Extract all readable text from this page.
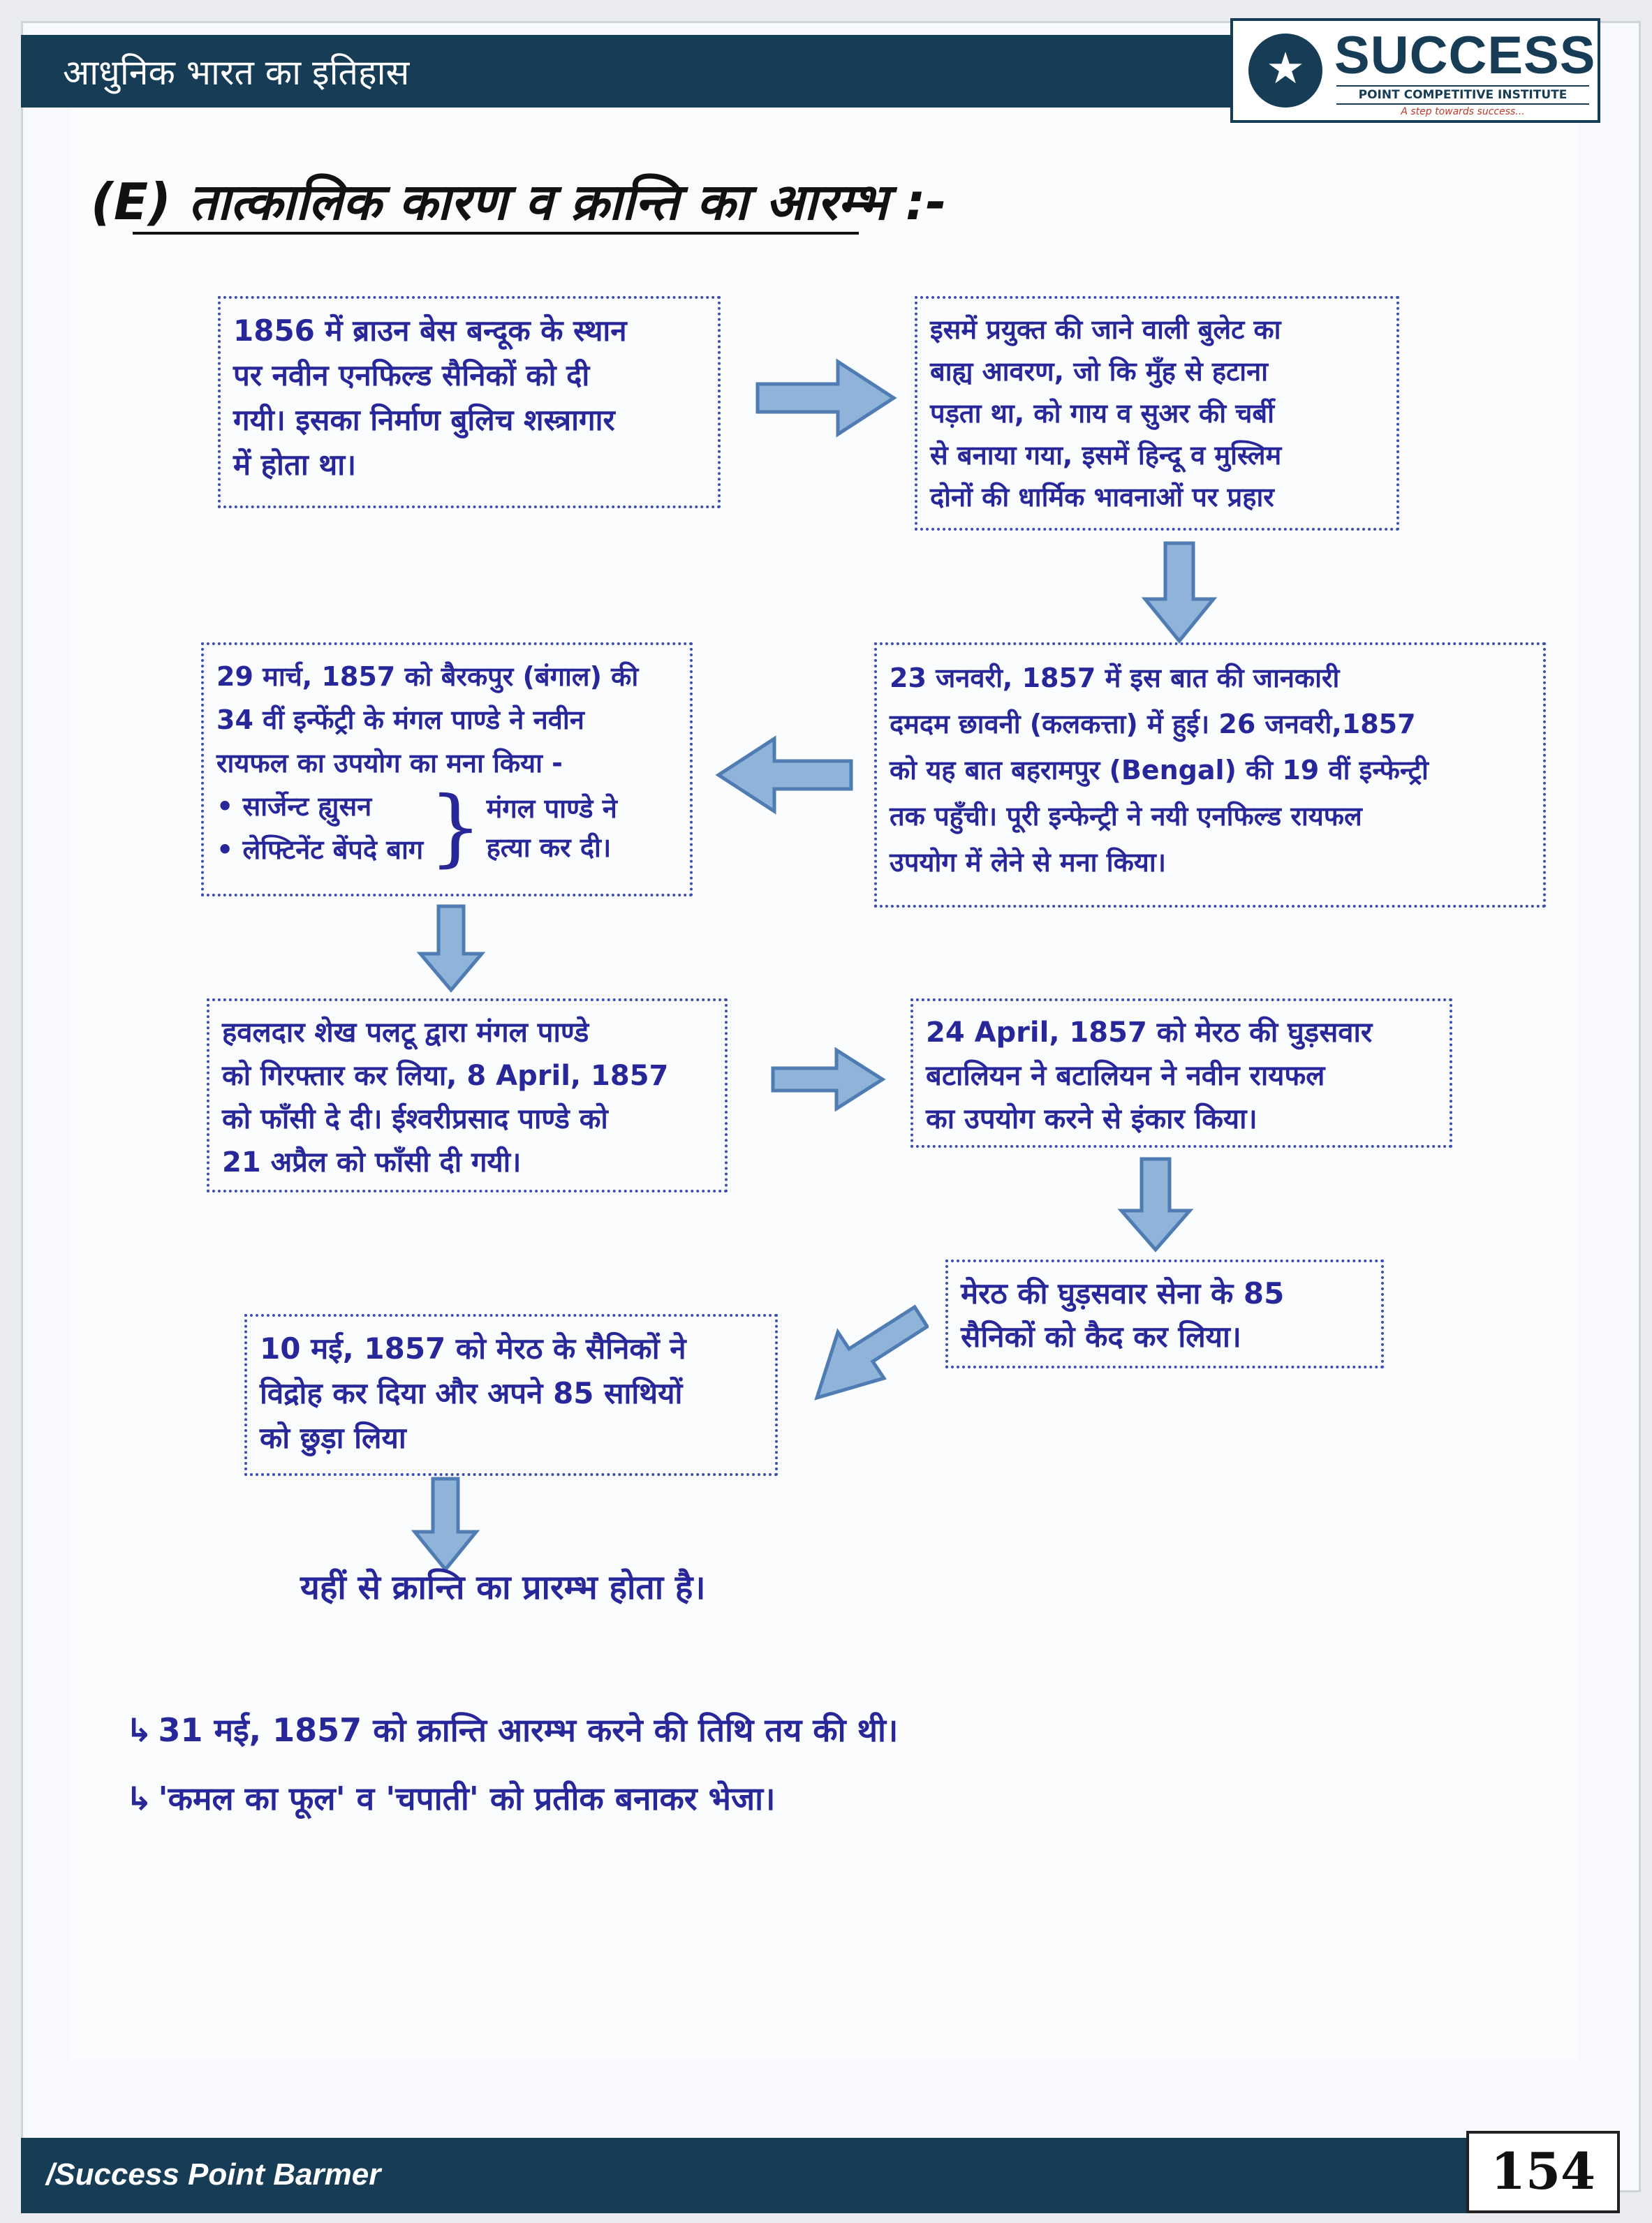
आधुनिक भारत का इतिहास	★ SUCCESS
POINT COMPETITIVE INSTITUTE
A step towards success...
(E) तात्कालिक कारण व क्रान्ति का आरम्भ :-
1856 में ब्राउन बेस बन्दूक के स्थान
पर नवीन एनफिल्ड सैनिकों को दी
गयी। इसका निर्माण बुलिच शस्त्रागार
में होता था।
इसमें प्रयुक्त की जाने वाली बुलेट का
बाह्य आवरण, जो कि मुँह से हटाना
पड़ता था, को गाय व सुअर की चर्बी
से बनाया गया, इसमें हिन्दू व मुस्लिम
दोनों की धार्मिक भावनाओं पर प्रहार
23 जनवरी, 1857 में इस बात की जानकारी
दमदम छावनी (कलकत्ता) में हुई। 26 जनवरी,1857
को यह बात बहरामपुर (Bengal) की 19 वीं इन्फेन्ट्री
तक पहुँची। पूरी इन्फेन्ट्री ने नयी एनफिल्ड रायफल
उपयोग में लेने से मना किया।
29 मार्च, 1857 को बैरकपुर (बंगाल) की
34 वीं इन्फेंट्री के मंगल पाण्डे ने नवीन
रायफल का उपयोग का मना किया -
• सार्जेन्ट ह्युसन
• लेफ्टिनेंट बेंपदे बाग } मंगल पाण्डे ने
हत्या कर दी।
हवलदार शेख पलटू द्वारा मंगल पाण्डे
को गिरफ्तार कर लिया, 8 April, 1857
को फाँसी दे दी। ईश्वरीप्रसाद पाण्डे को
21 अप्रैल को फाँसी दी गयी।
24 April, 1857 को मेरठ की घुड़सवार
बटालियन ने बटालियन ने नवीन रायफल
का उपयोग करने से इंकार किया।
मेरठ की घुड़सवार सेना के 85
सैनिकों को कैद कर लिया।
10 मई, 1857 को मेरठ के सैनिकों ने
विद्रोह कर दिया और अपने 85 साथियों
को छुड़ा लिया
यहीं से क्रान्ति का प्रारम्भ होता है।
↳ 31 मई, 1857 को क्रान्ति आरम्भ करने की तिथि तय की थी।
↳ 'कमल का फूल' व 'चपाती' को प्रतीक बनाकर भेजा।
/Success Point Barmer	154
